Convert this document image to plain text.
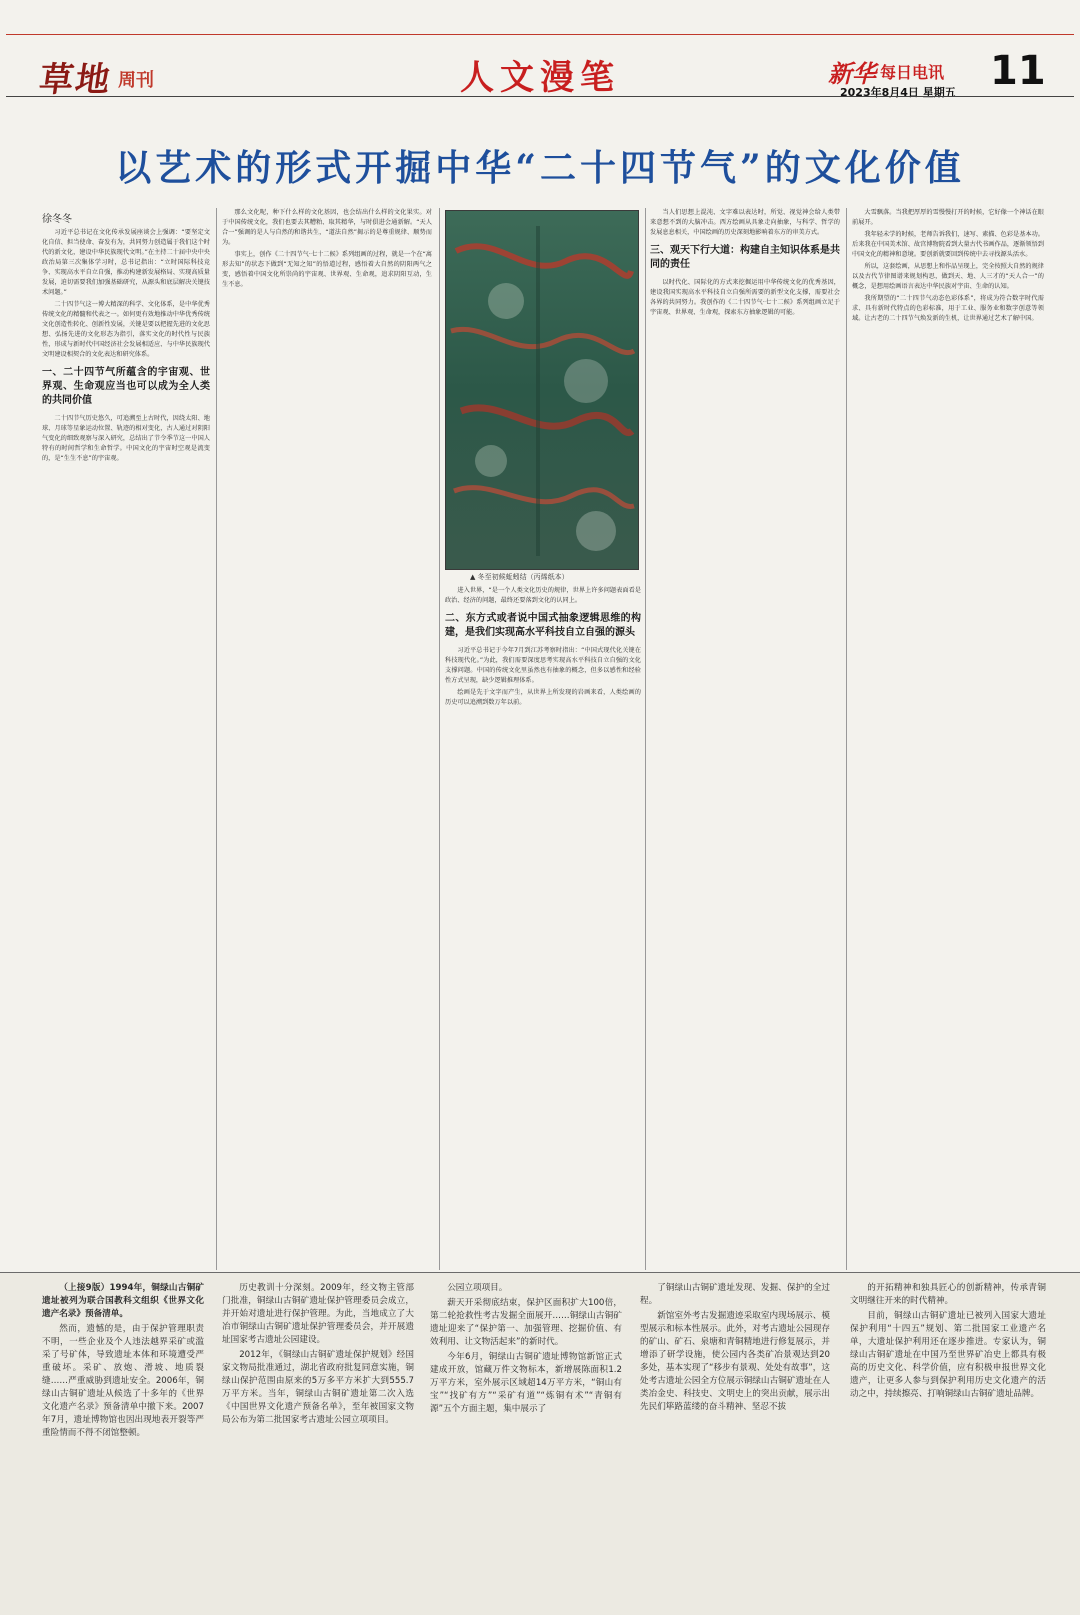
草地 周刊	人文漫笔	新华 每日电讯 11
2023年8月4日 星期五
以艺术的形式开掘中华“二十四节气”的文化价值
徐冬冬

习近平总书记在文化传承发展座谈会上强调：“要坚定文化自信、担当使命、奋发有为，共同努力创造属于我们这个时代的新文化，建设中华民族现代文明。”在主持二十届中央中央政治局第三次集体学习时，总书记指出：“立时国际科技竞争、实现高水平自立自强，推动构建新发展格局、实现高质量发展，迫切需要我们加强基础研究，从源头和底层解决关键技术问题。”

二十四节气这一博大精深的科学、文化体系，是中华优秀传统文化的精髓和代表之一。如何更有效地推动中华优秀传统文化创造性转化、创新性发展，关键是要以把握先进的文化思想、弘扬先进的文化形态为指引，落实文化的时代性与民族性，形成与新时代中国经济社会发展相适应、与中华民族现代文明建设相契合的文化表达和研究体系。

一、二十四节气所蕴含的宇宙观、世界观、生命观应当也可以成为全人类的共同价值

二十四节气历史悠久，可追溯至上古时代，因绕太阳、地球、月球等星象运动位置、轨迹的相对变化，古人通过对阴阳气变化的细致观察与深入研究，总结出了节令季节这一中国人特有的时间哲学和生命哲学。中国文化的宇宙时空观是流变的，是“生生不息”的宇宙观。

那么文化呢，种下什么样的文化基因，也会结出什么样的文化果实。对于中国传统文化，我们也要去其糟粕、取其精华，与时俱进会通新解。“天人合一”强调的是人与自然的和谐共生，“道法自然”揭示的是尊重规律、顺势而为。

事实上，创作《二十四节气·七十二候》系列组画的过程，就是一个在“离形去知”的状态下做到“无知之知”的悟道过程，感悟着大自然的阴阳两气之变，感悟着中国文化所崇尚的宇宙观、世界观、生命观，追求阴阳互动，生生不息。

▲ 冬至初候蚯蚓结（丙烯纸本）

进入世界，“是一个人类文化历史的规律，世界上许多问题表面看是政治、经济的问题，最终还要落到文化的认同上。

二、东方式或者说中国式抽象逻辑思维的构建，是我们实现高水平科技自立自强的源头

习近平总书记于今年7月到江苏考察时指出：“中国式现代化关键在科技现代化。”为此，我们需要深度思考实现高水平科技自立自强的文化支撑问题。中国的传统文化里虽然也有抽象的概念，但多以感性和经验性方式呈现，缺少逻辑推理体系。

绘画是先于文字而产生，从世界上所发现的岩画来看，人类绘画的历史可以追溯到数万年以前。

当人们思想上混沌、文字难以表达时，所觉、视觉神会给人类带来意想不到的大脑冲击。西方绘画从具象走向抽象，与科学、哲学的发展息息相关，中国绘画的历史深刻地影响着东方的审美方式。

三、观天下行大道：构建自主知识体系是共同的责任

以时代化、国际化的方式来挖掘运用中华传统文化的优秀基因，建设我国实现高水平科技自立自强所需要的新型文化支撑，需要社会各界的共同努力。我创作的《二十四节气·七十二候》系列组画立足于宇宙观、世界观、生命观，探索东方抽象逻辑的可能。

大雪飘落。当我把厚厚的雪慢慢打开的时候，它好像一个神话在眼前展开。

我年轻未学的时候，老师告诉我们，速写、素描、色彩是基本功。后来我在中国美术馆、故宫博物院看到大量古代书画作品，逐渐领悟到中国文化的精神和意境。要创新就要回到传统中去寻找源头活水。

所以，这套绘画，从思想上和作品呈现上，完全按照大自然的规律以及古代节律图谱来规划构思，做到天、地、人三才的“天人合一”的概念，是想用绘画语言表达中华民族对宇宙、生命的认知。

我所期望的“二十四节气动态色彩体系”，将成为符合数字时代需求、具有新时代特点的色彩标准，用于工业、服务业和数字创意等领域。让古老的二十四节气焕发新的生机，让世界通过艺术了解中国。

（上接9版）1994年，铜绿山古铜矿遗址被列为联合国教科文组织《世界文化遗产名录》预备清单。

然而，遗憾的是，由于保护管理职责不明，一些企业及个人违法越界采矿或滥采了号矿体，导致遗址本体和环境遭受严重破坏。采矿、放炮、滑坡、地质裂缝……严重威胁到遗址安全。2006年，铜绿山古铜矿遗址从候选了十多年的《世界文化遗产名录》预备清单中撤下来。2007年7月，遗址博物馆也因出现地表开裂等严重险情而不得不闭馆整顿。

历史教训十分深刻。2009年，经文物主管部门批准，铜绿山古铜矿遗址保护管理委员会成立，并开始对遗址进行保护管理。为此，当地成立了大冶市铜绿山古铜矿遗址保护管理委员会，并开展遗址国家考古遗址公园建设。

2012年，《铜绿山古铜矿遗址保护规划》经国家文物局批准通过，湖北省政府批复同意实施，铜绿山保护范围由原来的5万多平方米扩大到555.7万平方米。当年，铜绿山古铜矿遗址第二次入选《中国世界文化遗产预备名单》，至年被国家文物局公布为第二批国家考古遗址公园立项项目。

公园立项项目。

薪天开采彻底结束，保护区面积扩大100倍，第二轮抢救性考古发掘全面展开……铜绿山古铜矿遗址迎来了“保护第一、加强管理、挖掘价值、有效利用、让文物活起来”的新时代。

今年6月，铜绿山古铜矿遗址博物馆新馆正式建成开放，馆藏万件文物标本，新增展陈面积1.2万平方米，室外展示区域超14万平方米，“铜山有宝”“找矿有方”“采矿有道”“炼铜有术”“青铜有源”五个方面主题，集中展示了

了铜绿山古铜矿遗址发现、发掘、保护的全过程。

新馆室外考古发掘遗迹采取室内现场展示、模型展示和标本性展示。此外，对考古遗址公园现存的矿山、矿石、泉塘和青铜精地进行修复展示，并增添了研学设施，使公园内各类矿冶景观达到20多处，基本实现了“移步有景观、处处有故事”，这处考古遗址公园全方位展示铜绿山古铜矿遗址在人类冶金史、科技史、文明史上的突出贡献，展示出先民们筚路蓝缕的奋斗精神、坚忍不拔

的开拓精神和独具匠心的创新精神，传承青铜文明继往开来的时代精神。

目前，铜绿山古铜矿遗址已被列入国家大遗址保护利用“十四五”规划、第二批国家工业遗产名单，大遗址保护利用还在逐步推进。专家认为，铜绿山古铜矿遗址在中国乃至世界矿冶史上都具有极高的历史文化、科学价值，应有积极申报世界文化遗产，让更多人参与到保护利用历史文化遗产的活动之中，持续擦亮、打响铜绿山古铜矿遗址品牌。
